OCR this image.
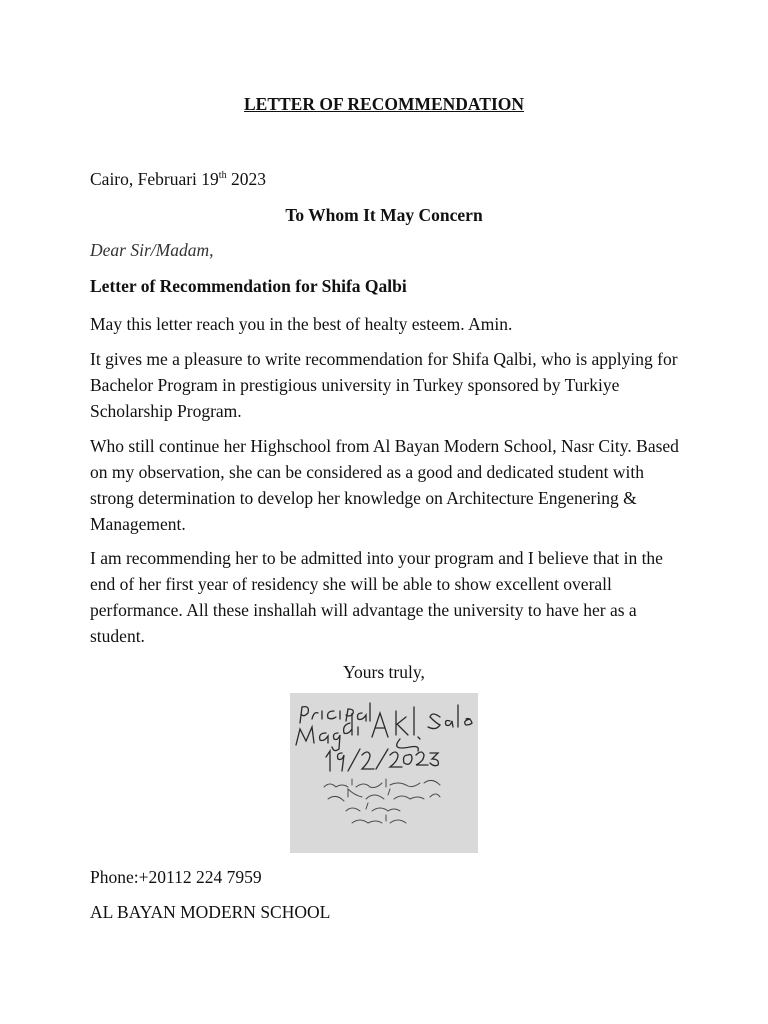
LETTER OF RECOMMENDATION
Cairo, Februari 19th 2023
To Whom It May Concern
Dear Sir/Madam,
Letter of Recommendation for Shifa Qalbi
May this letter reach you in the best of healty esteem. Amin.
It gives me a pleasure to write recommendation for Shifa Qalbi, who is applying for Bachelor Program in prestigious university in Turkey sponsored by Turkiye Scholarship Program.
Who still continue her Highschool from Al Bayan Modern School, Nasr City. Based on my observation, she can be considered as a good and dedicated student with strong determination to develop her knowledge on Architecture Engenering & Management.
I am recommending her to be admitted into your program and I believe that in the end of her first year of residency she will be able to show excellent overall performance. All these inshallah will advantage the university to have her as a student.
Yours truly,
Pricipal
Phone:+20112 224 7959
AL BAYAN MODERN SCHOOL
